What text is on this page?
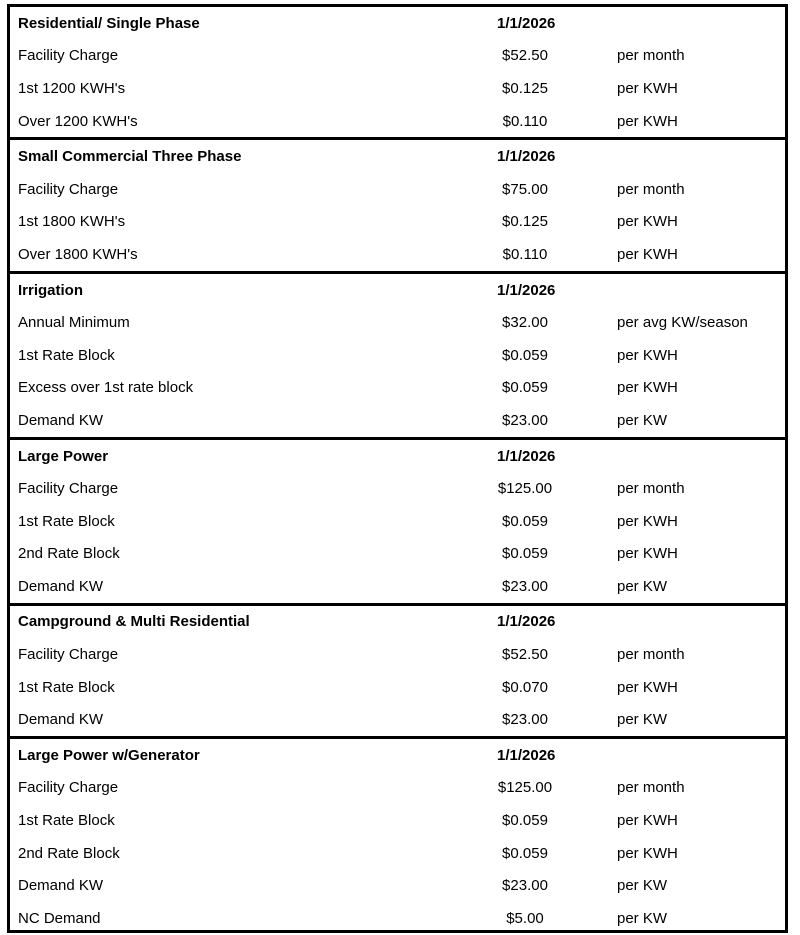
Residential/ Single Phase	1/1/2026
Facility Charge	$52.50	per month
1st 1200 KWH's	$0.125	per KWH
Over 1200 KWH's	$0.110	per KWH
Small Commercial Three Phase	1/1/2026
Facility Charge	$75.00	per month
1st 1800 KWH's	$0.125	per KWH
Over 1800 KWH's	$0.110	per KWH
Irrigation	1/1/2026
Annual Minimum	$32.00	per avg KW/season
1st Rate Block	$0.059	per KWH
Excess over 1st rate block	$0.059	per KWH
Demand KW	$23.00	per KW
Large Power	1/1/2026
Facility Charge	$125.00	per month
1st Rate Block	$0.059	per KWH
2nd Rate Block	$0.059	per KWH
Demand KW	$23.00	per KW
Campground & Multi Residential	1/1/2026
Facility Charge	$52.50	per month
1st Rate Block	$0.070	per KWH
Demand KW	$23.00	per KW
Large Power w/Generator	1/1/2026
Facility Charge	$125.00	per month
1st Rate Block	$0.059	per KWH
2nd Rate Block	$0.059	per KWH
Demand KW	$23.00	per KW
NC Demand	$5.00	per KW
